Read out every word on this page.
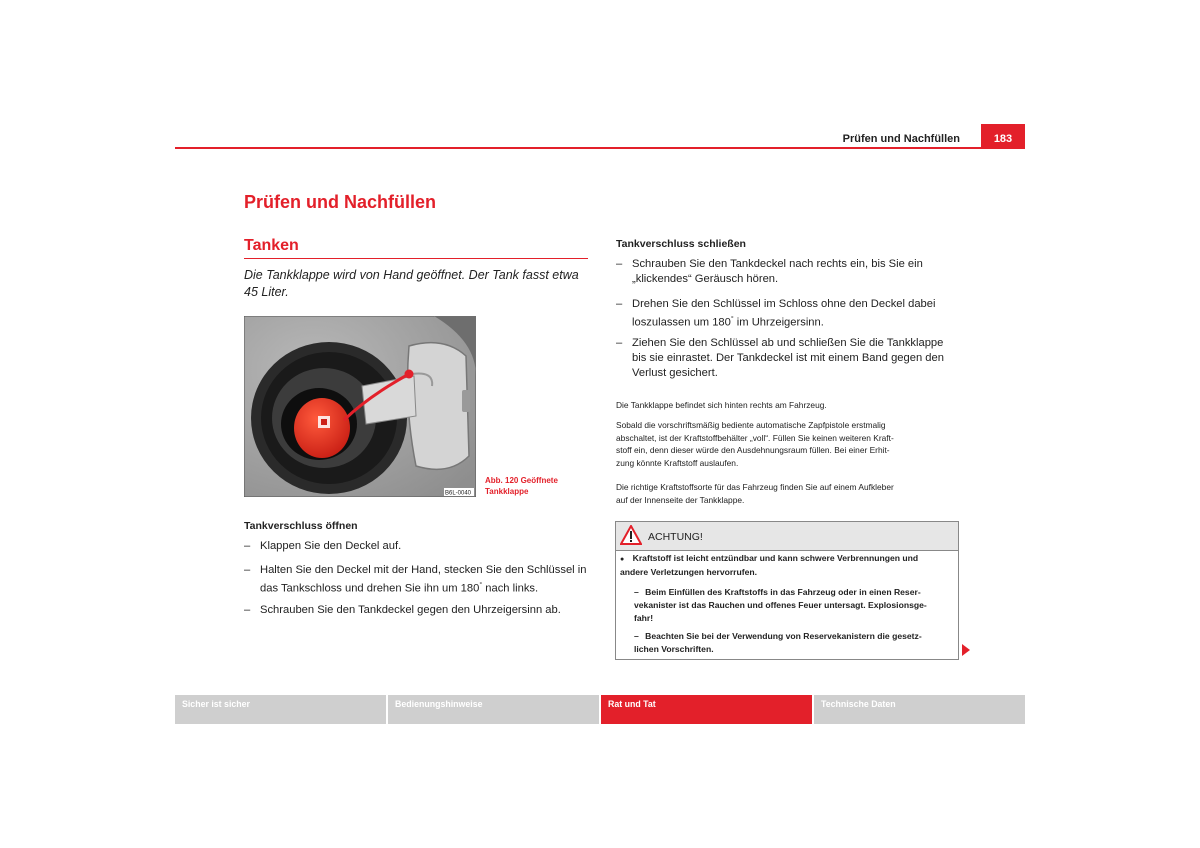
Prüfen und Nachfüllen	183
Prüfen und Nachfüllen
Tanken
Die Tankklappe wird von Hand geöffnet. Der Tank fasst etwa
45 Liter.
B6L-0040
Abb. 120 Geöffnete
Tankklappe
Tankverschluss öffnen
– Klappen Sie den Deckel auf.
– Halten Sie den Deckel mit der Hand, stecken Sie den Schlüssel in
das Tankschloss und drehen Sie ihn um 180° nach links.
– Schrauben Sie den Tankdeckel gegen den Uhrzeigersinn ab.
Tankverschluss schließen
– Schrauben Sie den Tankdeckel nach rechts ein, bis Sie ein
„klickendes“ Geräusch hören.
– Drehen Sie den Schlüssel im Schloss ohne den Deckel dabei
loszulassen um 180° im Uhrzeigersinn.
– Ziehen Sie den Schlüssel ab und schließen Sie die Tankklappe
bis sie einrastet. Der Tankdeckel ist mit einem Band gegen den
Verlust gesichert.
Die Tankklappe befindet sich hinten rechts am Fahrzeug.
Sobald die vorschriftsmäßig bediente automatische Zapfpistole erstmalig
abschaltet, ist der Kraftstoffbehälter „voll“. Füllen Sie keinen weiteren Kraft-
stoff ein, denn dieser würde den Ausdehnungsraum füllen. Bei einer Erhit-
zung könnte Kraftstoff auslaufen.
Die richtige Kraftstoffsorte für das Fahrzeug finden Sie auf einem Aufkleber
auf der Innenseite der Tankklappe.
ACHTUNG!
● Kraftstoff ist leicht entzündbar und kann schwere Verbrennungen und
andere Verletzungen hervorrufen.
– Beim Einfüllen des Kraftstoffs in das Fahrzeug oder in einen Reser-
vekanister ist das Rauchen und offenes Feuer untersagt. Explosionsge-
fahr!
– Beachten Sie bei der Verwendung von Reservekanistern die gesetz-
lichen Vorschriften.
Sicher ist sicher	Bedienungshinweise	Rat und Tat	Technische Daten
